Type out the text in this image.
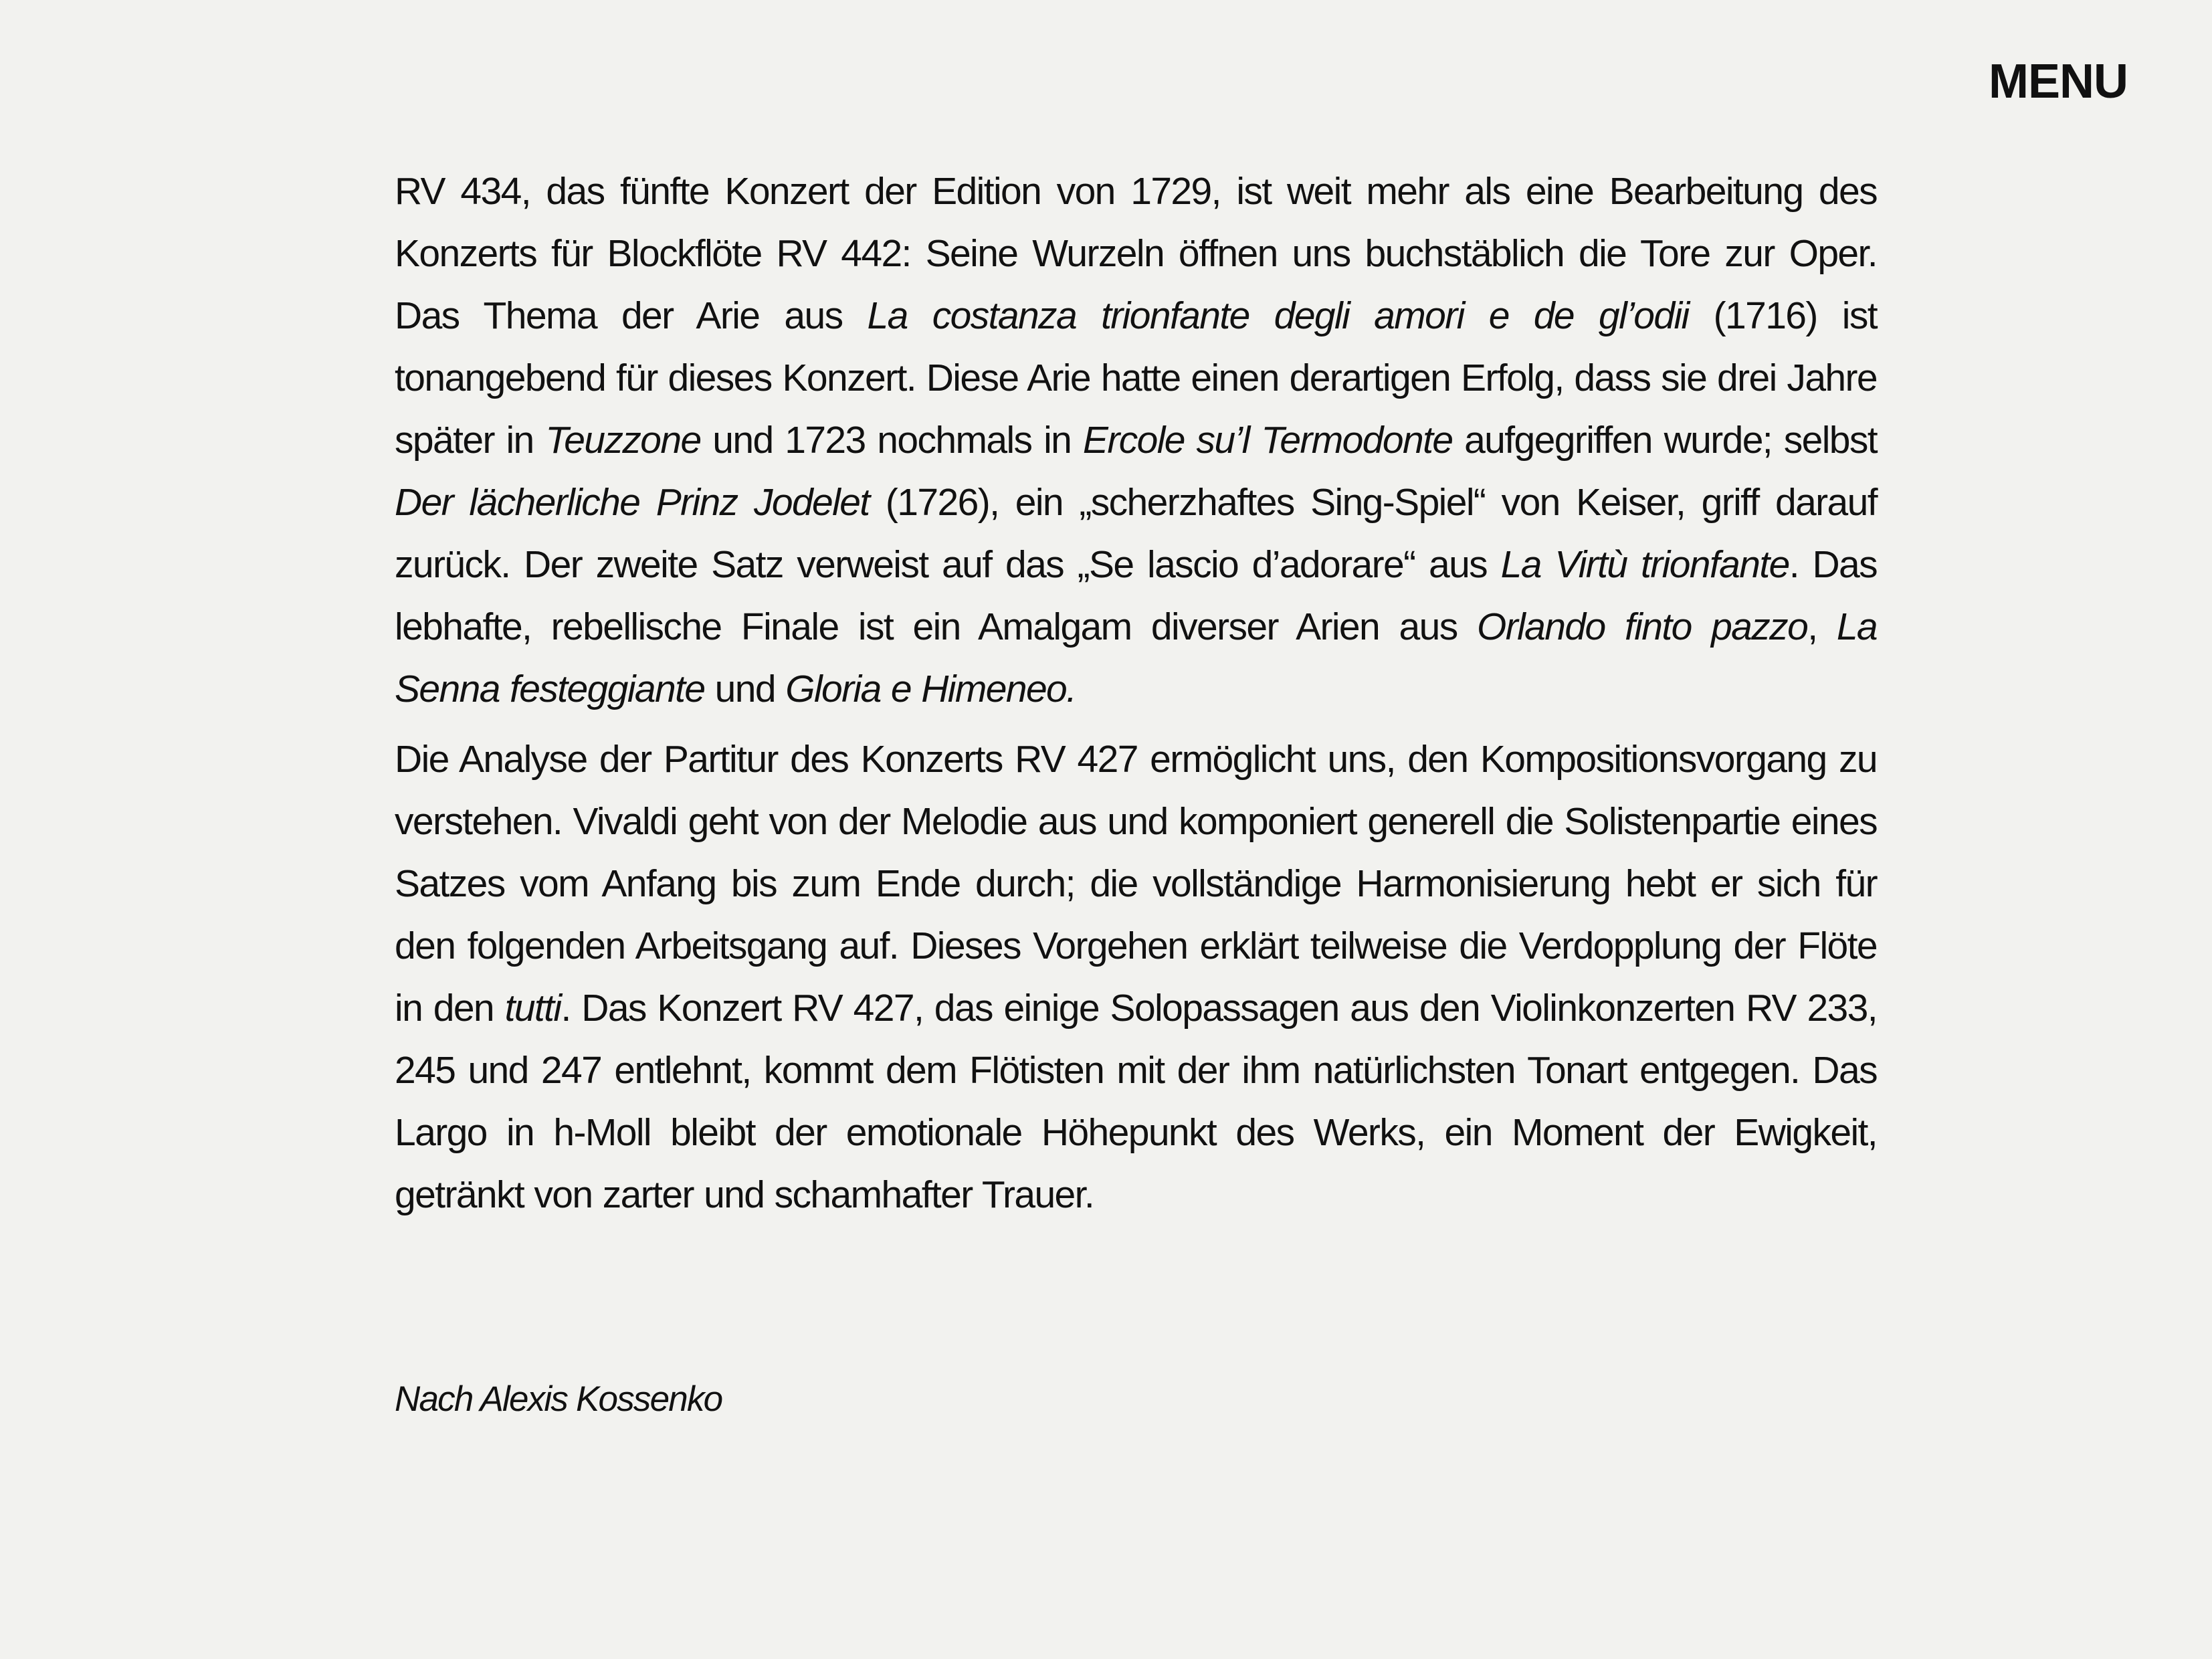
MENU

RV 434, das fünfte Konzert der Edition von 1729, ist weit mehr als eine Bearbeitung des Konzerts für Blockflöte RV 442: Seine Wurzeln öffnen uns buchstäblich die Tore zur Oper. Das Thema der Arie aus La costanza trionfante degli amori e de gl’odii (1716) ist tonangebend für dieses Konzert. Diese Arie hatte einen derartigen Erfolg, dass sie drei Jahre später in Teuzzone und 1723 nochmals in Ercole su’l Termodonte aufgegriffen wurde; selbst Der lächerliche Prinz Jodelet (1726), ein „scherzhaftes Sing-Spiel“ von Keiser, griff darauf zurück. Der zweite Satz verweist auf das „Se lascio d’adorare“ aus La Virtù trionfante. Das lebhafte, rebellische Finale ist ein Amalgam diverser Arien aus Orlando finto pazzo, La Senna festeggiante und Gloria e Himeneo.

Die Analyse der Partitur des Konzerts RV 427 ermöglicht uns, den Kompositionsvorgang zu verstehen. Vivaldi geht von der Melodie aus und komponiert generell die Solistenpartie eines Satzes vom Anfang bis zum Ende durch; die vollständige Harmonisierung hebt er sich für den folgenden Arbeitsgang auf. Dieses Vorgehen erklärt teilweise die Verdopplung der Flöte in den tutti. Das Konzert RV 427, das einige Solopassagen aus den Violinkonzerten RV 233, 245 und 247 entlehnt, kommt dem Flötisten mit der ihm natürlichsten Tonart entgegen. Das Largo in h-Moll bleibt der emotionale Höhepunkt des Werks, ein Moment der Ewigkeit, getränkt von zarter und schamhafter Trauer.

Nach Alexis Kossenko
